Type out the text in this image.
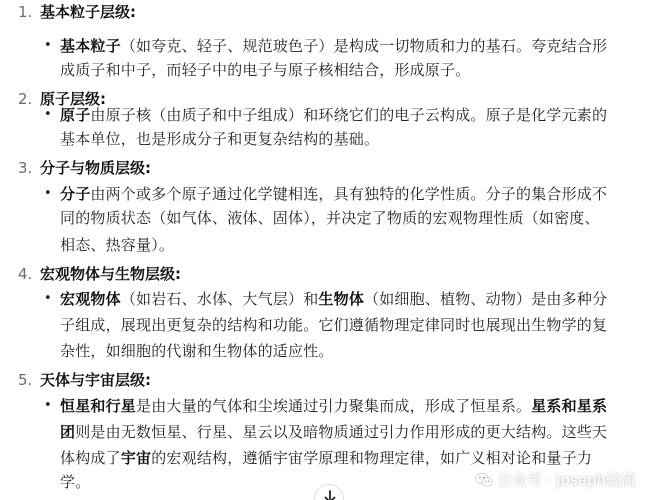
1. 基本粒子层级:
• 基本粒子（如夸克、轻子、规范玻色子）是构成一切物质和力的基石。夸克结合形
成质子和中子，而轻子中的电子与原子核相结合，形成原子。
2. 原子层级:
• 原子由原子核（由质子和中子组成）和环绕它们的电子云构成。原子是化学元素的
基本单位，也是形成分子和更复杂结构的基础。
3. 分子与物质层级:
• 分子由两个或多个原子通过化学键相连，具有独特的化学性质。分子的集合形成不
同的物质状态（如气体、液体、固体），并决定了物质的宏观物理性质（如密度、
相态、热容量）。
4. 宏观物体与生物层级:
• 宏观物体（如岩石、水体、大气层）和生物体（如细胞、植物、动物）是由多种分
子组成，展现出更复杂的结构和功能。它们遵循物理定律同时也展现出生物学的复
杂性，如细胞的代谢和生物体的适应性。
5. 天体与宇宙层级:
• 恒星和行星是由大量的气体和尘埃通过引力聚集而成，形成了恒星系。星系和星系
团则是由无数恒星、行星、星云以及暗物质通过引力作用形成的更大结构。这些天
体构成了宇宙的宏观结构，遵循宇宙学原理和物理定律，如广义相对论和量子力
学。	公众号 · Joseph轻流
